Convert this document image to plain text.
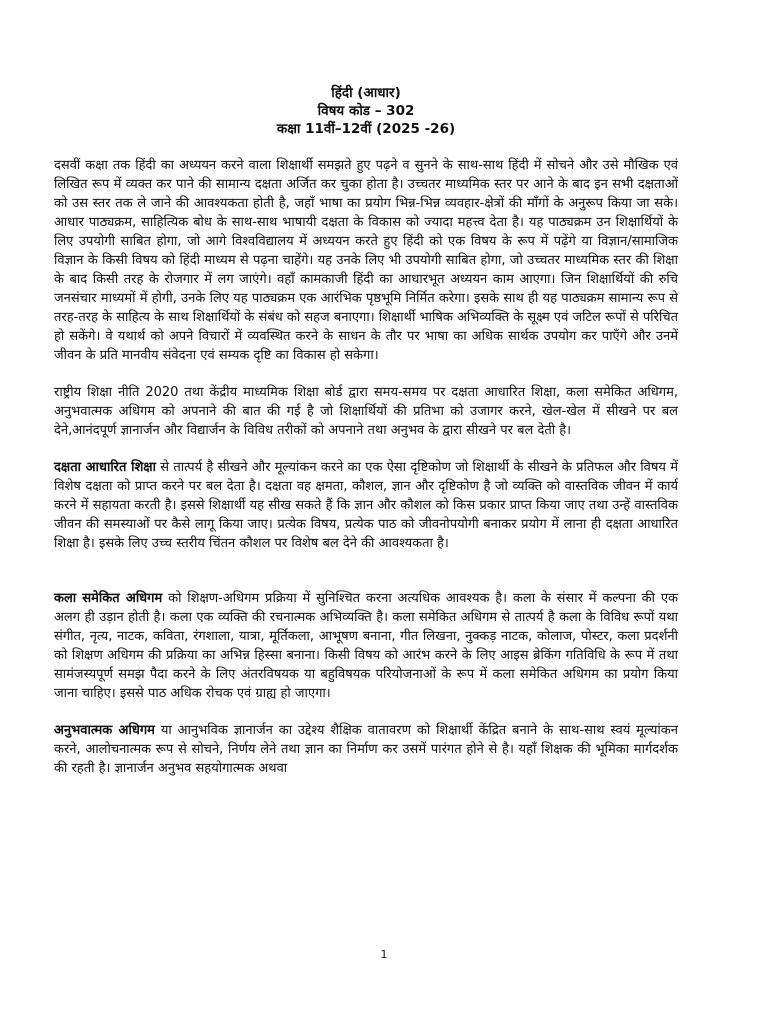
हिंदी (आधार)
विषय कोड – 302
कक्षा 11वीं–12वीं (2025 -26)

दसवीं कक्षा तक हिंदी का अध्ययन करने वाला शिक्षार्थी समझते हुए पढ़ने व सुनने के साथ-साथ हिंदी में सोचने और उसे मौखिक एवं लिखित रूप में व्यक्त कर पाने की सामान्य दक्षता अर्जित कर चुका होता है। उच्चतर माध्यमिक स्तर पर आने के बाद इन सभी दक्षताओं को उस स्तर तक ले जाने की आवश्यकता होती है, जहाँ भाषा का प्रयोग भिन्न-भिन्न व्यवहार-क्षेत्रों की माँगों के अनुरूप किया जा सके। आधार पाठ्यक्रम, साहित्यिक बोध के साथ-साथ भाषायी दक्षता के विकास को ज्यादा महत्त्व देता है। यह पाठ्यक्रम उन शिक्षार्थियों के लिए उपयोगी साबित होगा, जो आगे विश्वविद्यालय में अध्ययन करते हुए हिंदी को एक विषय के रूप में पढ़ेंगे या विज्ञान/सामाजिक विज्ञान के किसी विषय को हिंदी माध्यम से पढ़ना चाहेंगे। यह उनके लिए भी उपयोगी साबित होगा, जो उच्चतर माध्यमिक स्तर की शिक्षा के बाद किसी तरह के रोजगार में लग जाएंगे। वहाँ कामकाजी हिंदी का आधारभूत अध्ययन काम आएगा। जिन शिक्षार्थियों की रुचि जनसंचार माध्यमों में होगी, उनके लिए यह पाठ्यक्रम एक आरंभिक पृष्ठभूमि निर्मित करेगा। इसके साथ ही यह पाठ्यक्रम सामान्य रूप से तरह-तरह के साहित्य के साथ शिक्षार्थियों के संबंध को सहज बनाएगा। शिक्षार्थी भाषिक अभिव्यक्ति के सूक्ष्म एवं जटिल रूपों से परिचित हो सकेंगे। वे यथार्थ को अपने विचारों में व्यवस्थित करने के साधन के तौर पर भाषा का अधिक सार्थक उपयोग कर पाएँगे और उनमें जीवन के प्रति मानवीय संवेदना एवं सम्यक दृष्टि का विकास हो सकेगा।

राष्ट्रीय शिक्षा नीति 2020 तथा केंद्रीय माध्यमिक शिक्षा बोर्ड द्वारा समय-समय पर दक्षता आधारित शिक्षा, कला समेकित अधिगम, अनुभवात्मक अधिगम को अपनाने की बात की गई है जो शिक्षार्थियों की प्रतिभा को उजागर करने, खेल-खेल में सीखने पर बल देने,आनंदपूर्ण ज्ञानार्जन और विद्यार्जन के विविध तरीकों को अपनाने तथा अनुभव के द्वारा सीखने पर बल देती है।

दक्षता आधारित शिक्षा से तात्पर्य है सीखने और मूल्यांकन करने का एक ऐसा दृष्टिकोण जो शिक्षार्थी के सीखने के प्रतिफल और विषय में विशेष दक्षता को प्राप्त करने पर बल देता है। दक्षता वह क्षमता, कौशल, ज्ञान और दृष्टिकोण है जो व्यक्ति को वास्तविक जीवन में कार्य करने में सहायता करती है। इससे शिक्षार्थी यह सीख सकते हैं कि ज्ञान और कौशल को किस प्रकार प्राप्त किया जाए तथा उन्हें वास्तविक जीवन की समस्याओं पर कैसे लागू किया जाए। प्रत्येक विषय, प्रत्येक पाठ को जीवनोपयोगी बनाकर प्रयोग में लाना ही दक्षता आधारित शिक्षा है। इसके लिए उच्च स्तरीय चिंतन कौशल पर विशेष बल देने की आवश्यकता है।

कला समेकित अधिगम को शिक्षण-अधिगम प्रक्रिया में सुनिश्चित करना अत्यधिक आवश्यक है। कला के संसार में कल्पना की एक अलग ही उड़ान होती है। कला एक व्यक्ति की रचनात्मक अभिव्यक्ति है। कला समेकित अधिगम से तात्पर्य है कला के विविध रूपों यथा संगीत, नृत्य, नाटक, कविता, रंगशाला, यात्रा, मूर्तिकला, आभूषण बनाना, गीत लिखना, नुक्कड़ नाटक, कोलाज, पोस्टर, कला प्रदर्शनी को शिक्षण अधिगम की प्रक्रिया का अभिन्न हिस्सा बनाना। किसी विषय को आरंभ करने के लिए आइस ब्रेकिंग गतिविधि के रूप में तथा सामंजस्यपूर्ण समझ पैदा करने के लिए अंतरविषयक या बहुविषयक परियोजनाओं के रूप में कला समेकित अधिगम का प्रयोग किया जाना चाहिए। इससे पाठ अधिक रोचक एवं ग्राह्य हो जाएगा।

अनुभवात्मक अधिगम या आनुभविक ज्ञानार्जन का उद्देश्य शैक्षिक वातावरण को शिक्षार्थी केंद्रित बनाने के साथ-साथ स्वयं मूल्यांकन करने, आलोचनात्मक रूप से सोचने, निर्णय लेने तथा ज्ञान का निर्माण कर उसमें पारंगत होने से है। यहाँ शिक्षक की भूमिका मार्गदर्शक की रहती है। ज्ञानार्जन अनुभव सहयोगात्मक अथवा

1
